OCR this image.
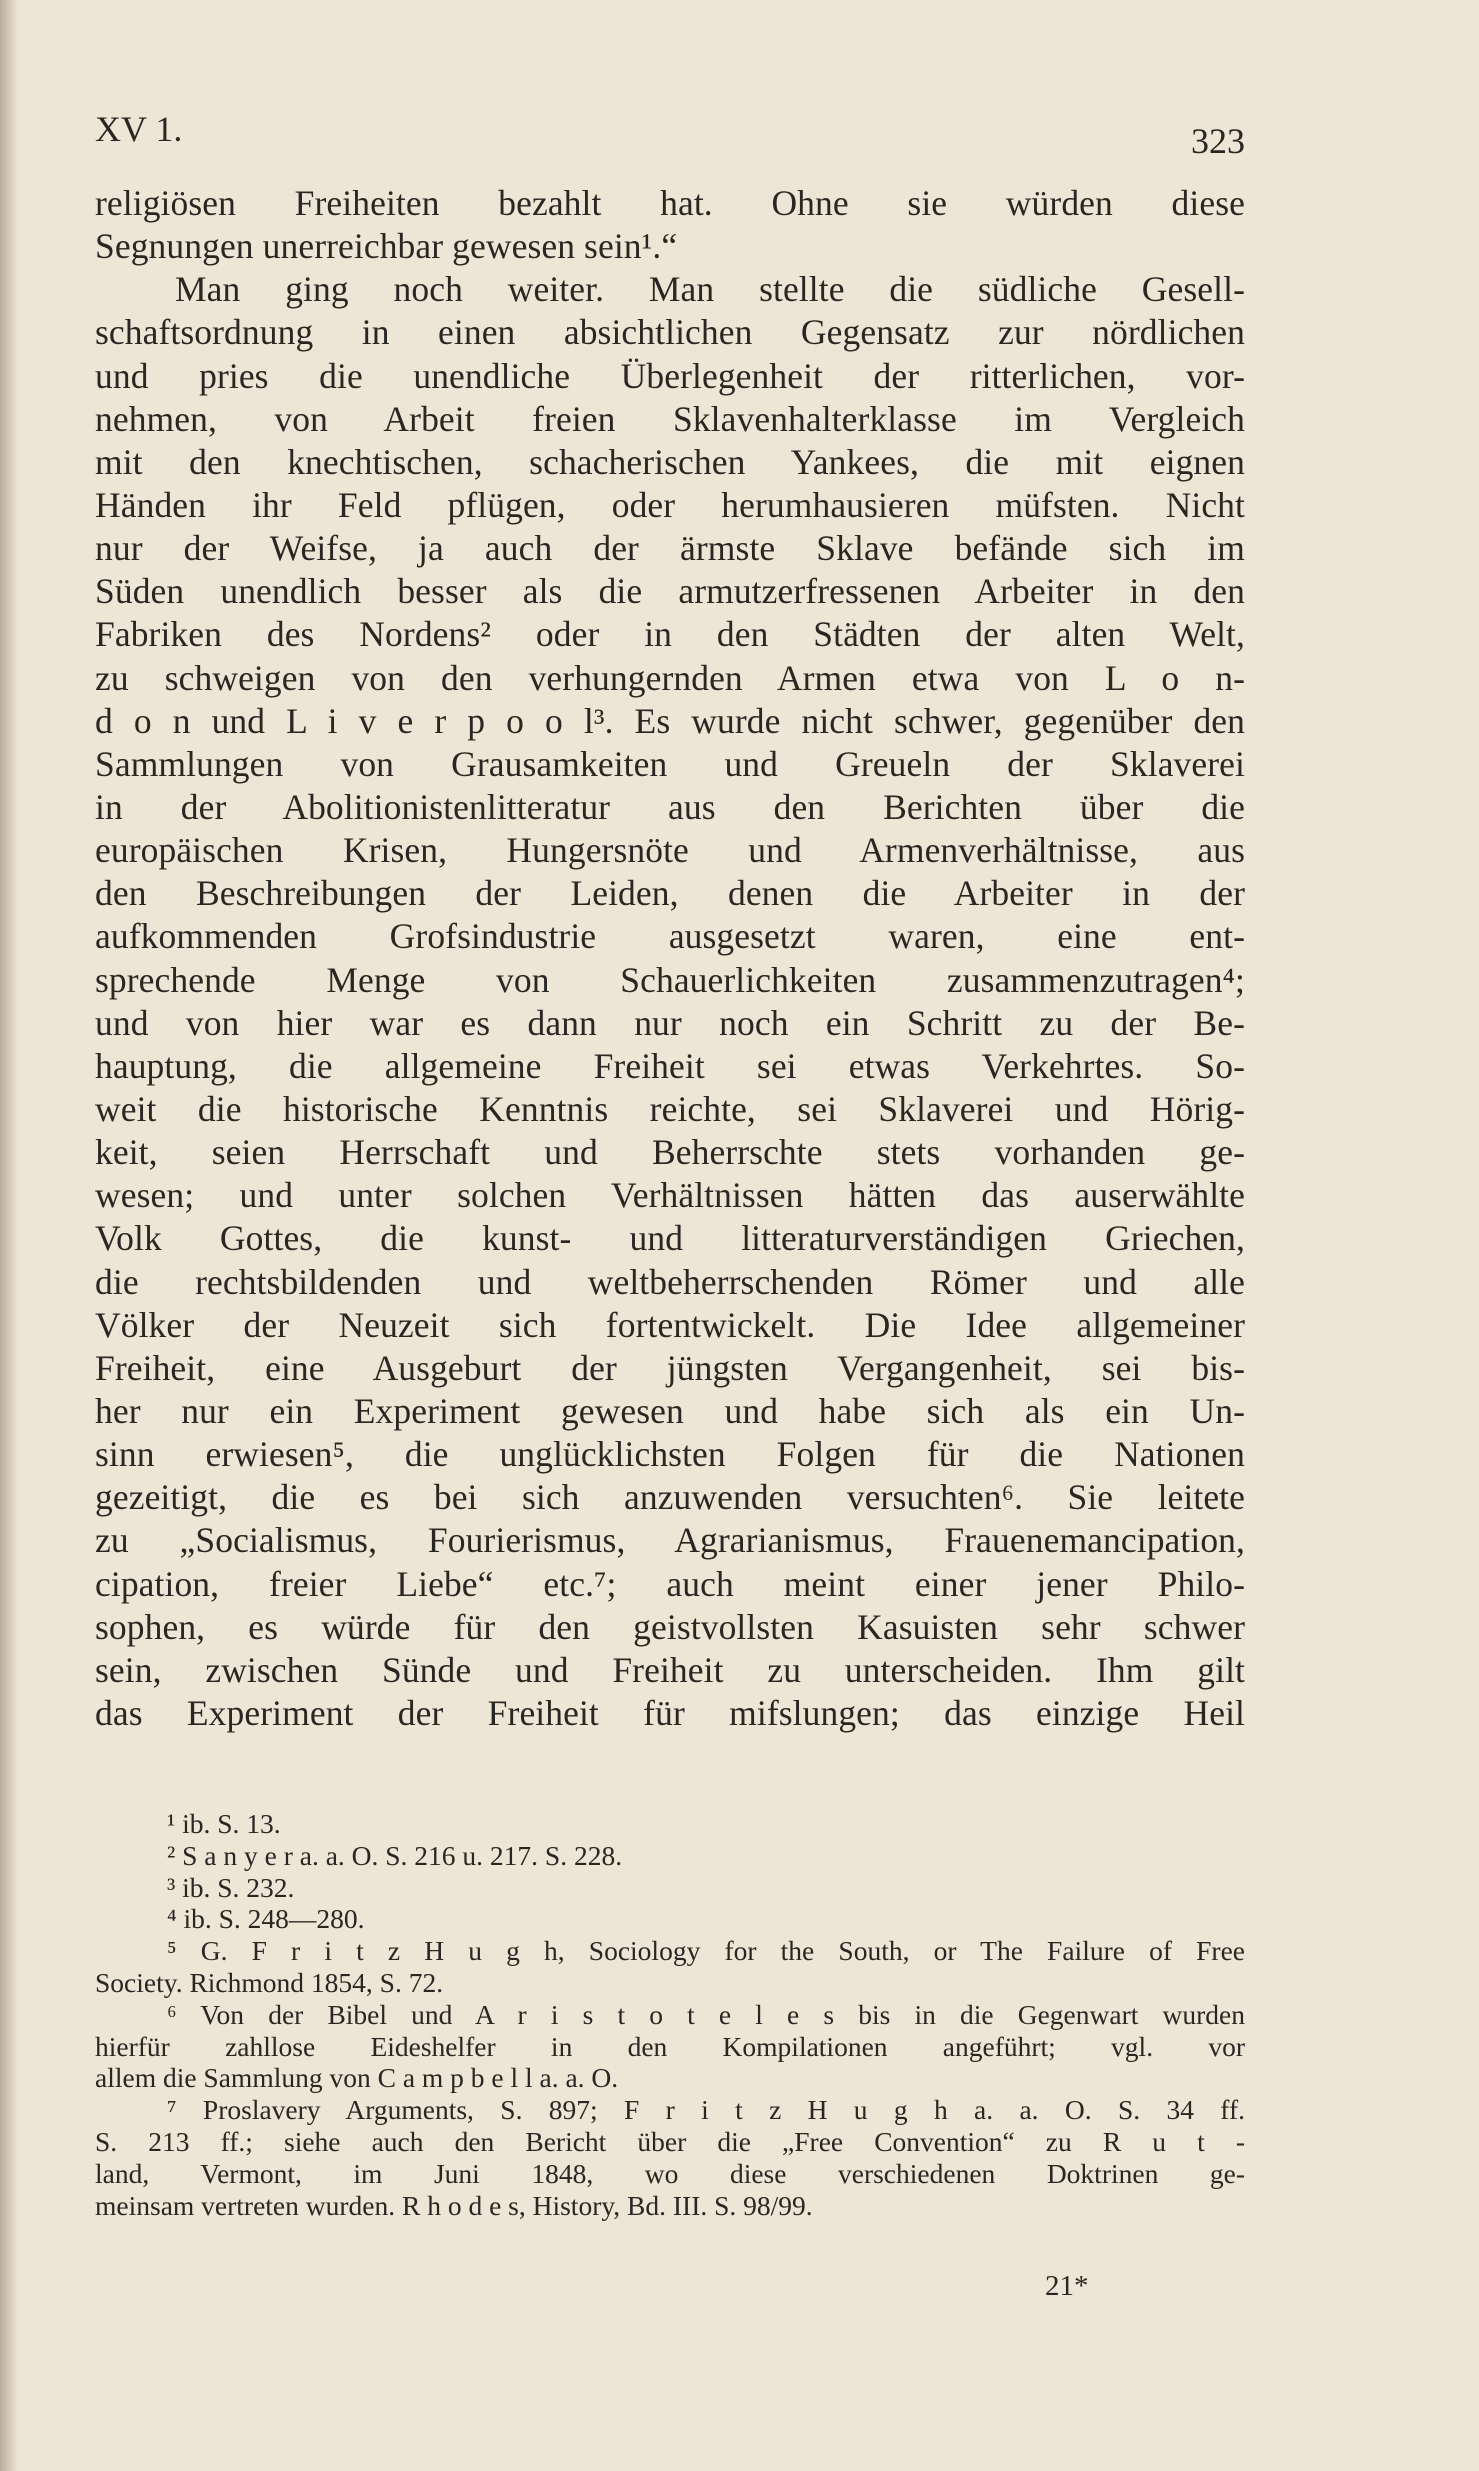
XV 1.	323
religiösen Freiheiten bezahlt hat. Ohne sie würden diese
Segnungen unerreichbar gewesen sein¹.“
Man ging noch weiter. Man stellte die südliche Gesell-
schaftsordnung in einen absichtlichen Gegensatz zur nördlichen
und pries die unendliche Überlegenheit der ritterlichen, vor-
nehmen, von Arbeit freien Sklavenhalterklasse im Vergleich
mit den knechtischen, schacherischen Yankees, die mit eignen
Händen ihr Feld pflügen, oder herumhausieren müfsten. Nicht
nur der Weifse, ja auch der ärmste Sklave befände sich im
Süden unendlich besser als die armutzerfressenen Arbeiter in den
Fabriken des Nordens² oder in den Städten der alten Welt,
zu schweigen von den verhungernden Armen etwa von L o n-
d o n und L i v e r p o o l³. Es wurde nicht schwer, gegenüber den
Sammlungen von Grausamkeiten und Greueln der Sklaverei
in der Abolitionistenlitteratur aus den Berichten über die
europäischen Krisen, Hungersnöte und Armenverhältnisse, aus
den Beschreibungen der Leiden, denen die Arbeiter in der
aufkommenden Grofsindustrie ausgesetzt waren, eine ent-
sprechende Menge von Schauerlichkeiten zusammenzutragen⁴;
und von hier war es dann nur noch ein Schritt zu der Be-
hauptung, die allgemeine Freiheit sei etwas Verkehrtes. So-
weit die historische Kenntnis reichte, sei Sklaverei und Hörig-
keit, seien Herrschaft und Beherrschte stets vorhanden ge-
wesen; und unter solchen Verhältnissen hätten das auserwählte
Volk Gottes, die kunst- und litteraturverständigen Griechen,
die rechtsbildenden und weltbeherrschenden Römer und alle
Völker der Neuzeit sich fortentwickelt. Die Idee allgemeiner
Freiheit, eine Ausgeburt der jüngsten Vergangenheit, sei bis-
her nur ein Experiment gewesen und habe sich als ein Un-
sinn erwiesen⁵, die unglücklichsten Folgen für die Nationen
gezeitigt, die es bei sich anzuwenden versuchten⁶. Sie leitete
zu „Socialismus, Fourierismus, Agrarianismus, Frauenemancipation,
cipation, freier Liebe“ etc.⁷; auch meint einer jener Philo-
sophen, es würde für den geistvollsten Kasuisten sehr schwer
sein, zwischen Sünde und Freiheit zu unterscheiden. Ihm gilt
das Experiment der Freiheit für mifslungen; das einzige Heil
¹ ib. S. 13.
² S a n y e r a. a. O. S. 216 u. 217. S. 228.
³ ib. S. 232.
⁴ ib. S. 248—280.
⁵ G. F r i t z H u g h, Sociology for the South, or The Failure of Free
Society. Richmond 1854, S. 72.
⁶ Von der Bibel und A r i s t o t e l e s bis in die Gegenwart wurden
hierfür zahllose Eideshelfer in den Kompilationen angeführt; vgl. vor
allem die Sammlung von C a m p b e l l a. a. O.
⁷ Proslavery Arguments, S. 897; F r i t z H u g h a. a. O. S. 34 ff.
S. 213 ff.; siehe auch den Bericht über die „Free Convention“ zu R u t -
land, Vermont, im Juni 1848, wo diese verschiedenen Doktrinen ge-
meinsam vertreten wurden. R h o d e s, History, Bd. III. S. 98/99.
21*
